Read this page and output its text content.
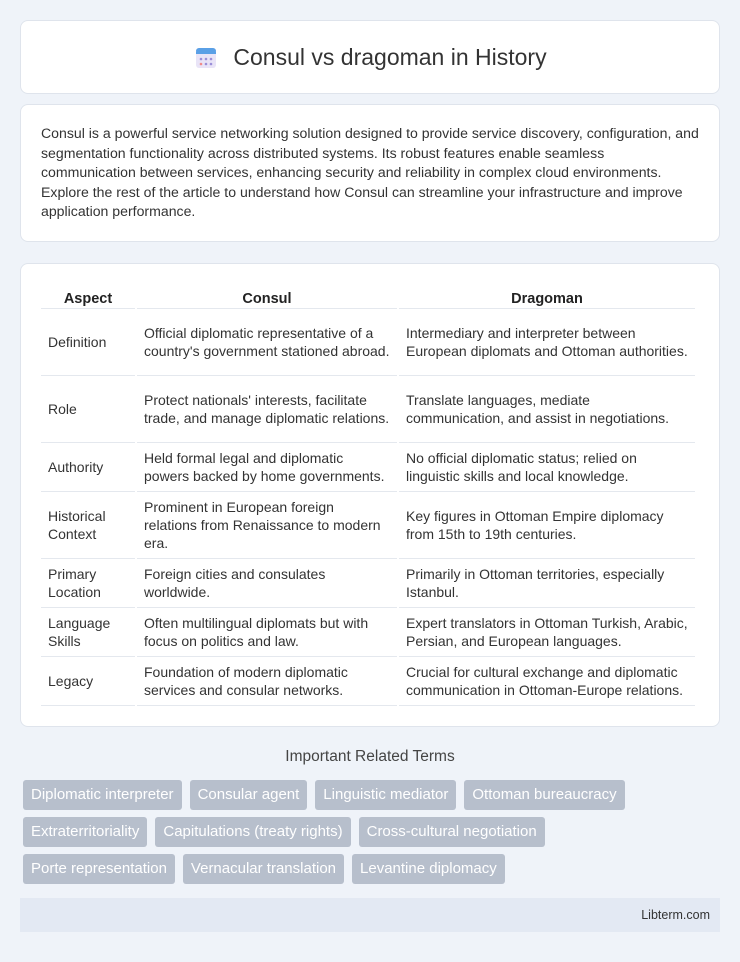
Consul vs dragoman in History

Consul is a powerful service networking solution designed to provide service discovery, configuration, and segmentation functionality across distributed systems. Its robust features enable seamless communication between services, enhancing security and reliability in complex cloud environments. Explore the rest of the article to understand how Consul can streamline your infrastructure and improve application performance.

Aspect	Consul	Dragoman
Definition	Official diplomatic representative of a country's government stationed abroad.	Intermediary and interpreter between European diplomats and Ottoman authorities.
Role	Protect nationals' interests, facilitate trade, and manage diplomatic relations.	Translate languages, mediate communication, and assist in negotiations.
Authority	Held formal legal and diplomatic powers backed by home governments.	No official diplomatic status; relied on linguistic skills and local knowledge.
Historical Context	Prominent in European foreign relations from Renaissance to modern era.	Key figures in Ottoman Empire diplomacy from 15th to 19th centuries.
Primary Location	Foreign cities and consulates worldwide.	Primarily in Ottoman territories, especially Istanbul.
Language Skills	Often multilingual diplomats but with focus on politics and law.	Expert translators in Ottoman Turkish, Arabic, Persian, and European languages.
Legacy	Foundation of modern diplomatic services and consular networks.	Crucial for cultural exchange and diplomatic communication in Ottoman-Europe relations.
Important Related Terms
Diplomatic interpreter	Consular agent	Linguistic mediator	Ottoman bureaucracy
Extraterritoriality	Capitulations (treaty rights)	Cross-cultural negotiation
Porte representation	Vernacular translation	Levantine diplomacy
Libterm.com
